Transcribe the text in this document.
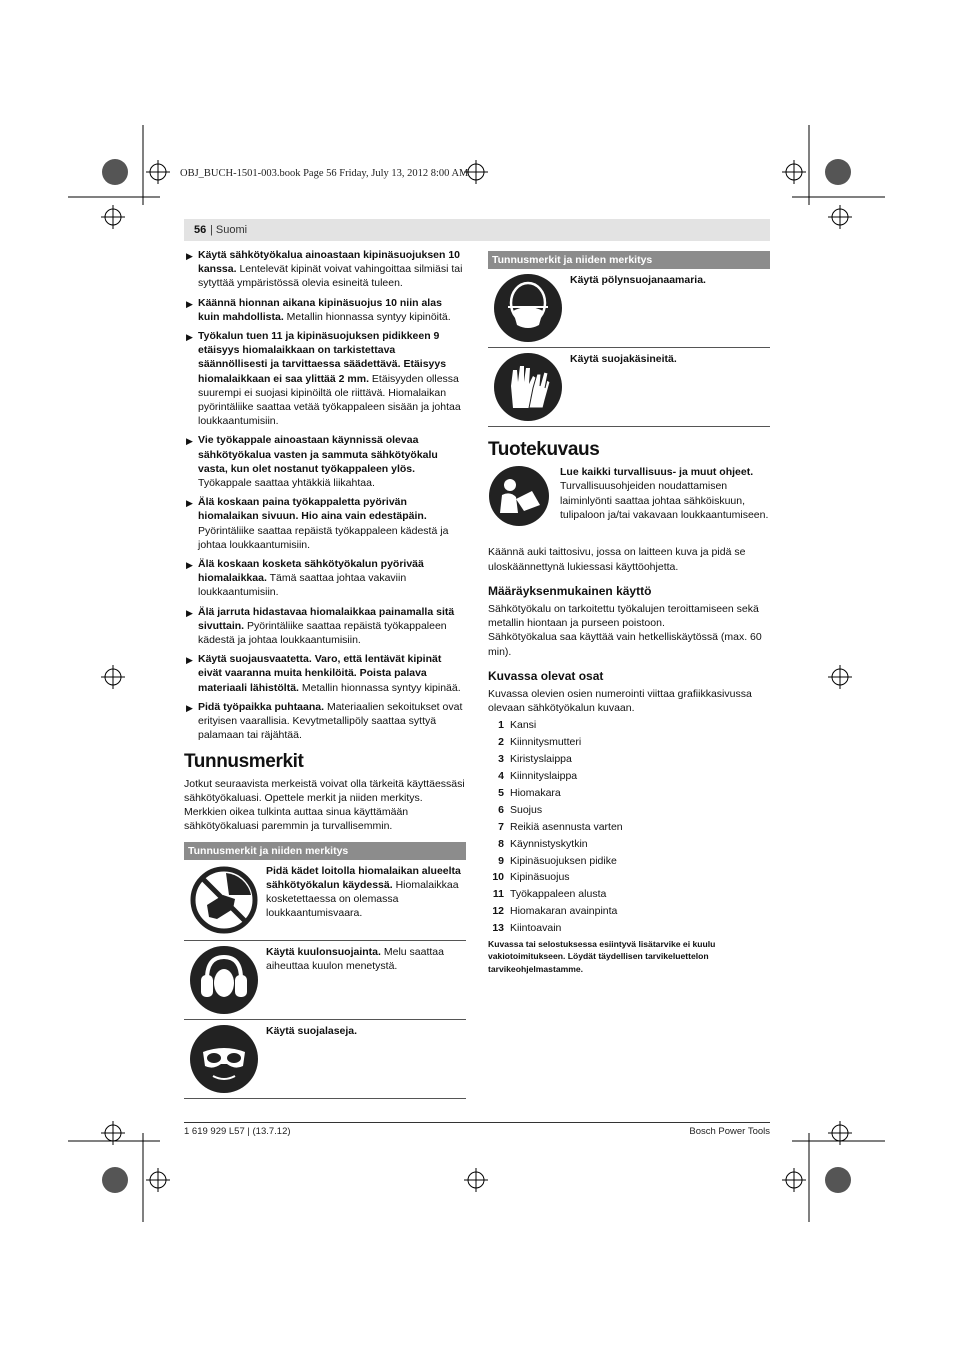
OBJ_BUCH-1501-003.book Page 56 Friday, July 13, 2012 8:00 AM
56 | Suomi
▶ Käytä sähkötyökalua ainoastaan kipinäsuojuksen 10 kanssa. Lentelevät kipinät voivat vahingoittaa silmiäsi tai sytyttää ympäristössä olevia esineitä tuleen.
▶ Käännä hionnan aikana kipinäsuojus 10 niin alas kuin mahdollista. Metallin hionnassa syntyy kipinöitä.
▶ Työkalun tuen 11 ja kipinäsuojuksen pidikkeen 9 etäisyys hiomalaikkaan on tarkistettava säännöllisesti ja tarvittaessa säädettävä. Etäisyys hiomalaikkaan ei saa ylittää 2 mm. Etäisyyden ollessa suurempi ei suojasi kipinöiltä ole riittävä. Hiomalaikan pyörintäliike saattaa vetää työkappaleen sisään ja johtaa loukkaantumisiin.
▶ Vie työkappale ainoastaan käynnissä olevaa sähkötyökalua vasten ja sammuta sähkötyökalu vasta, kun olet nostanut työkappaleen ylös. Työkappale saattaa yhtäkkiä liikahtaa.
▶ Älä koskaan paina työkappaletta pyörivän hiomalaikan sivuun. Hio aina vain edestäpäin. Pyörintäliike saattaa repäistä työkappaleen kädestä ja johtaa loukkaantumisiin.
▶ Älä koskaan kosketa sähkötyökalun pyörivää hiomalaikkaa. Tämä saattaa johtaa vakaviin loukkaantumisiin.
▶ Älä jarruta hidastavaa hiomalaikkaa painamalla sitä sivuttain. Pyörintäliike saattaa repäistä työkappaleen kädestä ja johtaa loukkaantumisiin.
▶ Käytä suojausvaatetta. Varo, että lentävät kipinät eivät vaaranna muita henkilöitä. Poista palava materiaali lähistöltä. Metallin hionnassa syntyy kipinää.
▶ Pidä työpaikka puhtaana. Materiaalien sekoitukset ovat erityisen vaarallisia. Kevytmetallipöly saattaa syttyä palamaan tai räjähtää.
Tunnusmerkit
Jotkut seuraavista merkeistä voivat olla tärkeitä käyttäessäsi sähkötyökaluasi. Opettele merkit ja niiden merkitys. Merkkien oikea tulkinta auttaa sinua käyttämään sähkötyökaluasi paremmin ja turvallisemmin.
Tunnusmerkit ja niiden merkitys
Pidä kädet loitolla hiomalaikan alueelta sähkötyökalun käydessä. Hiomalaikkaa kosketettaessa on olemassa loukkaantumisvaara.
Käytä kuulonsuojainta. Melu saattaa aiheuttaa kuulon menetystä.
Käytä suojalaseja.
Tunnusmerkit ja niiden merkitys
Käytä pölynsuojanaamaria.
Käytä suojakäsineitä.
Tuotekuvaus
Lue kaikki turvallisuus- ja muut ohjeet. Turvallisuusohjeiden noudattamisen laiminlyönti saattaa johtaa sähköiskuun, tulipaloon ja/tai vakavaan loukkaantumiseen.
Käännä auki taittosivu, jossa on laitteen kuva ja pidä se uloskäännettynä lukiessasi käyttöohjetta.
Määräyksenmukainen käyttö
Sähkötyökalu on tarkoitettu työkalujen teroittamiseen sekä metallin hiontaan ja purseen poistoon.
Sähkötyökalua saa käyttää vain hetkelliskäytössä (max. 60 min).
Kuvassa olevat osat
Kuvassa olevien osien numerointi viittaa grafiikkasivussa olevaan sähkötyökalun kuvaan.
1 Kansi
2 Kiinnitysmutteri
3 Kiristyslaippa
4 Kiinnityslaippa
5 Hiomakara
6 Suojus
7 Reikiä asennusta varten
8 Käynnistyskytkin
9 Kipinäsuojuksen pidike
10 Kipinäsuojus
11 Työkappaleen alusta
12 Hiomakaran avainpinta
13 Kiintoavain
Kuvassa tai selostuksessa esiintyvä lisätarvike ei kuulu vakiotoimitukseen. Löydät täydellisen tarvikeluettelon tarvikeohjelmastamme.
1 619 929 L57 | (13.7.12)	Bosch Power Tools
